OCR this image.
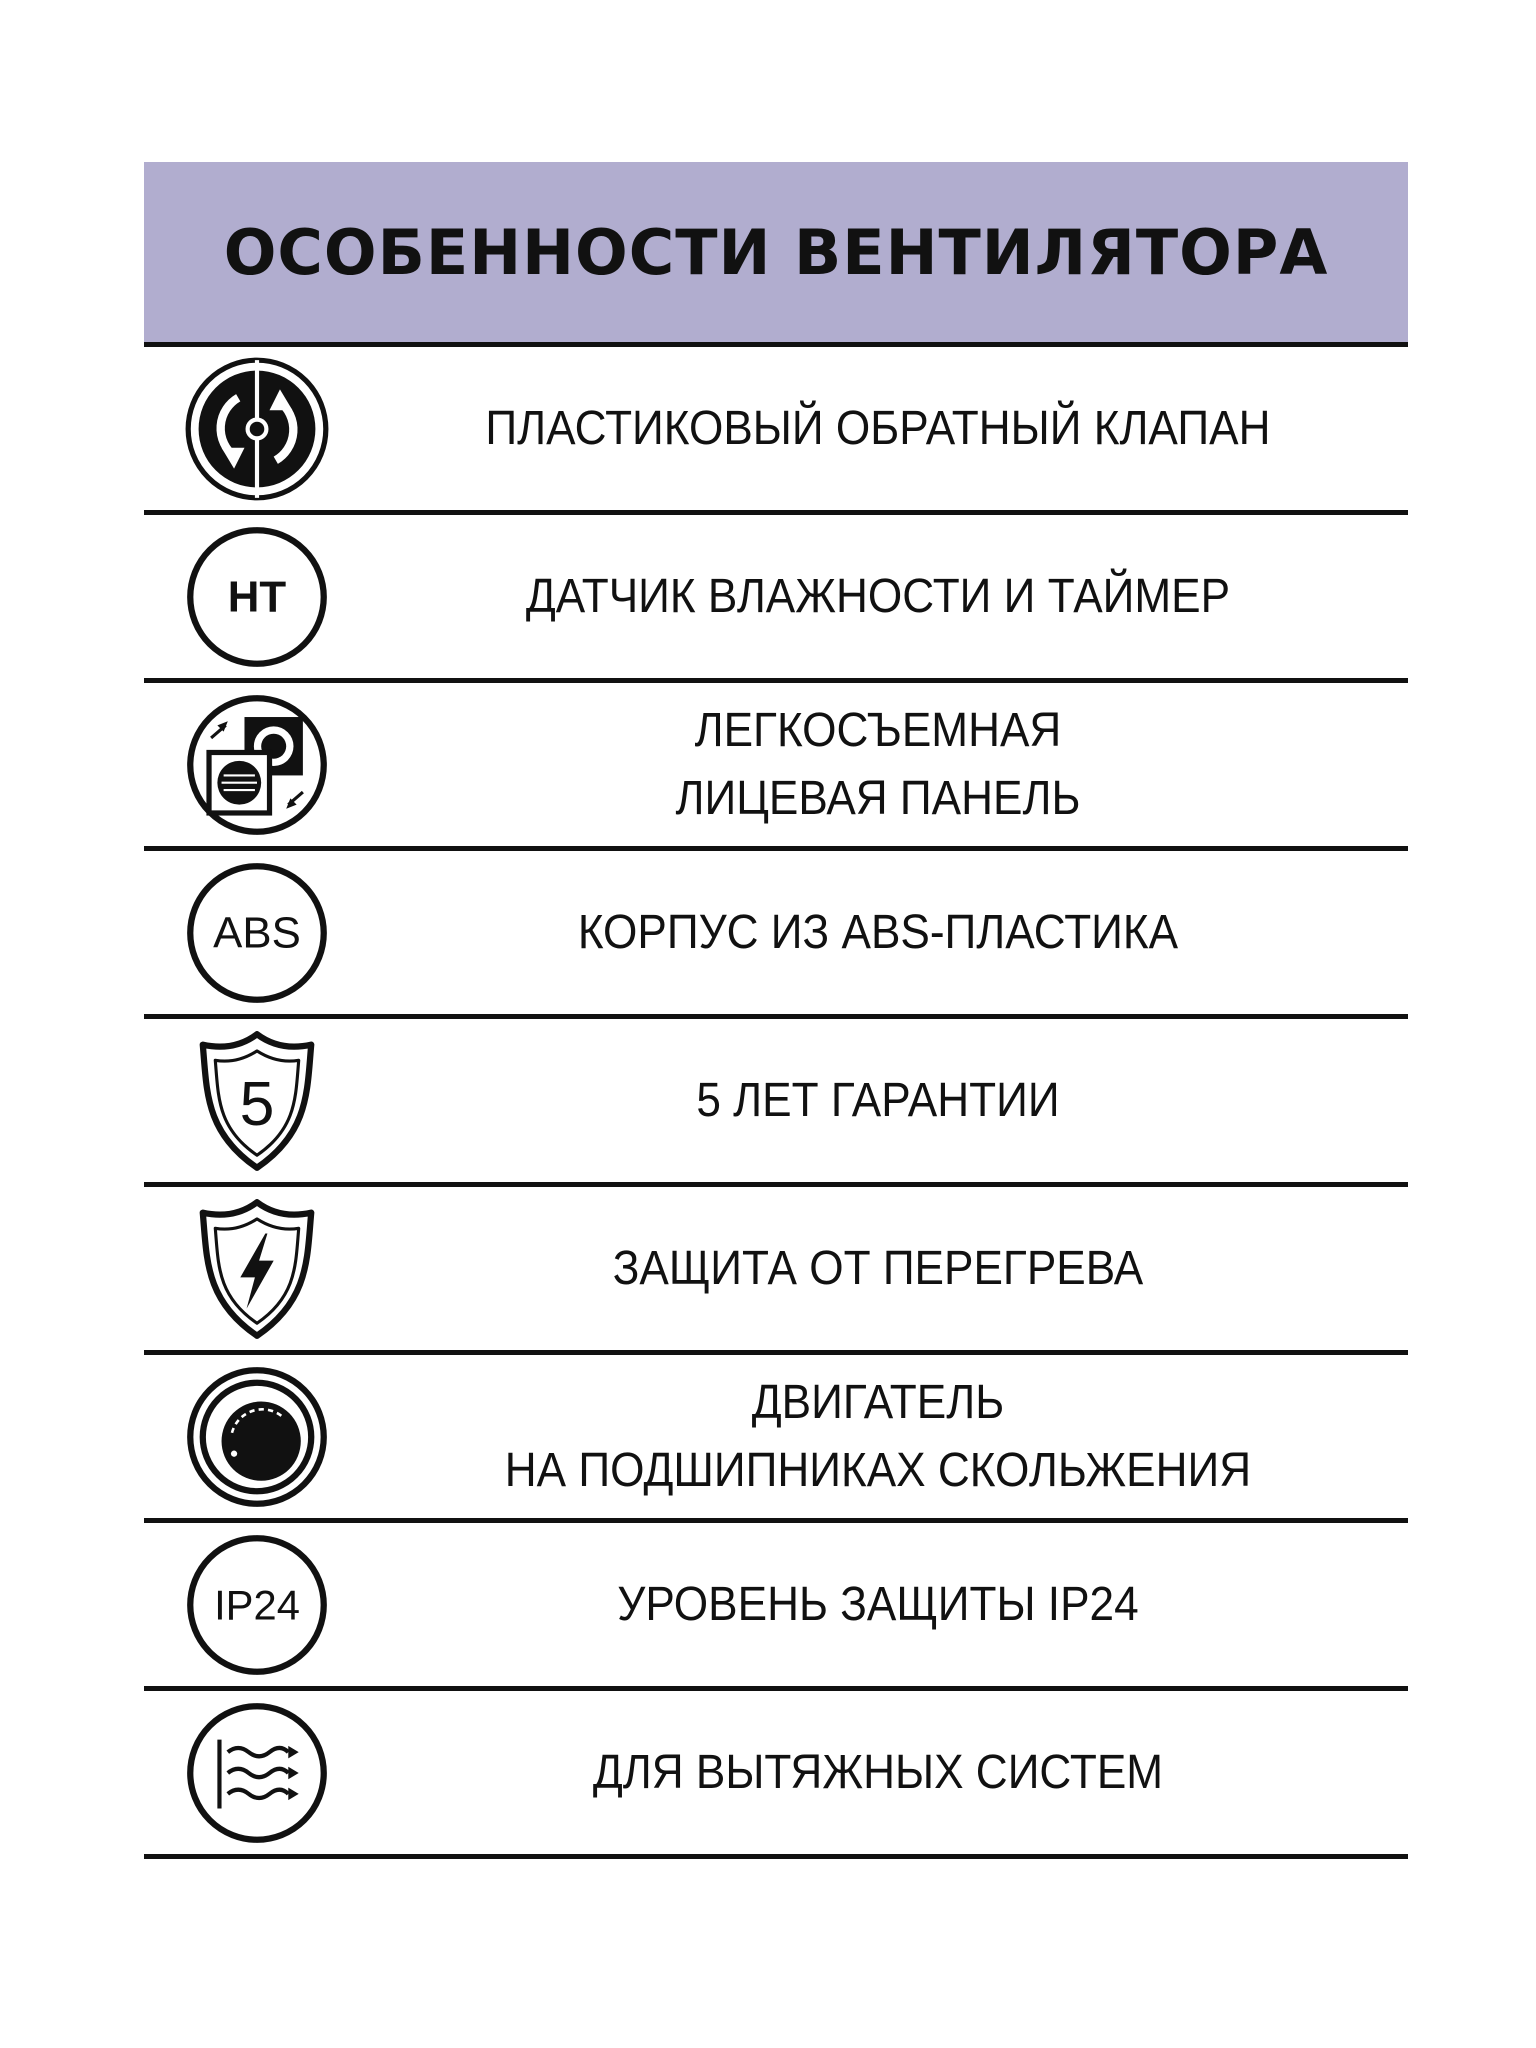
ОСОБЕННОСТИ ВЕНТИЛЯТОРА
ПЛАСТИКОВЫЙ ОБРАТНЫЙ КЛАПАН
HT	ДАТЧИК ВЛАЖНОСТИ И ТАЙМЕР
ЛЕГКОСЪЕМНАЯ
ЛИЦЕВАЯ ПАНЕЛЬ
ABS	КОРПУС ИЗ ABS-ПЛАСТИКА
5	5 ЛЕТ ГАРАНТИИ
ЗАЩИТА ОТ ПЕРЕГРЕВА
ДВИГАТЕЛЬ
НА ПОДШИПНИКАХ СКОЛЬЖЕНИЯ
IP24	УРОВЕНЬ ЗАЩИТЫ IP24
ДЛЯ ВЫТЯЖНЫХ СИСТЕМ
